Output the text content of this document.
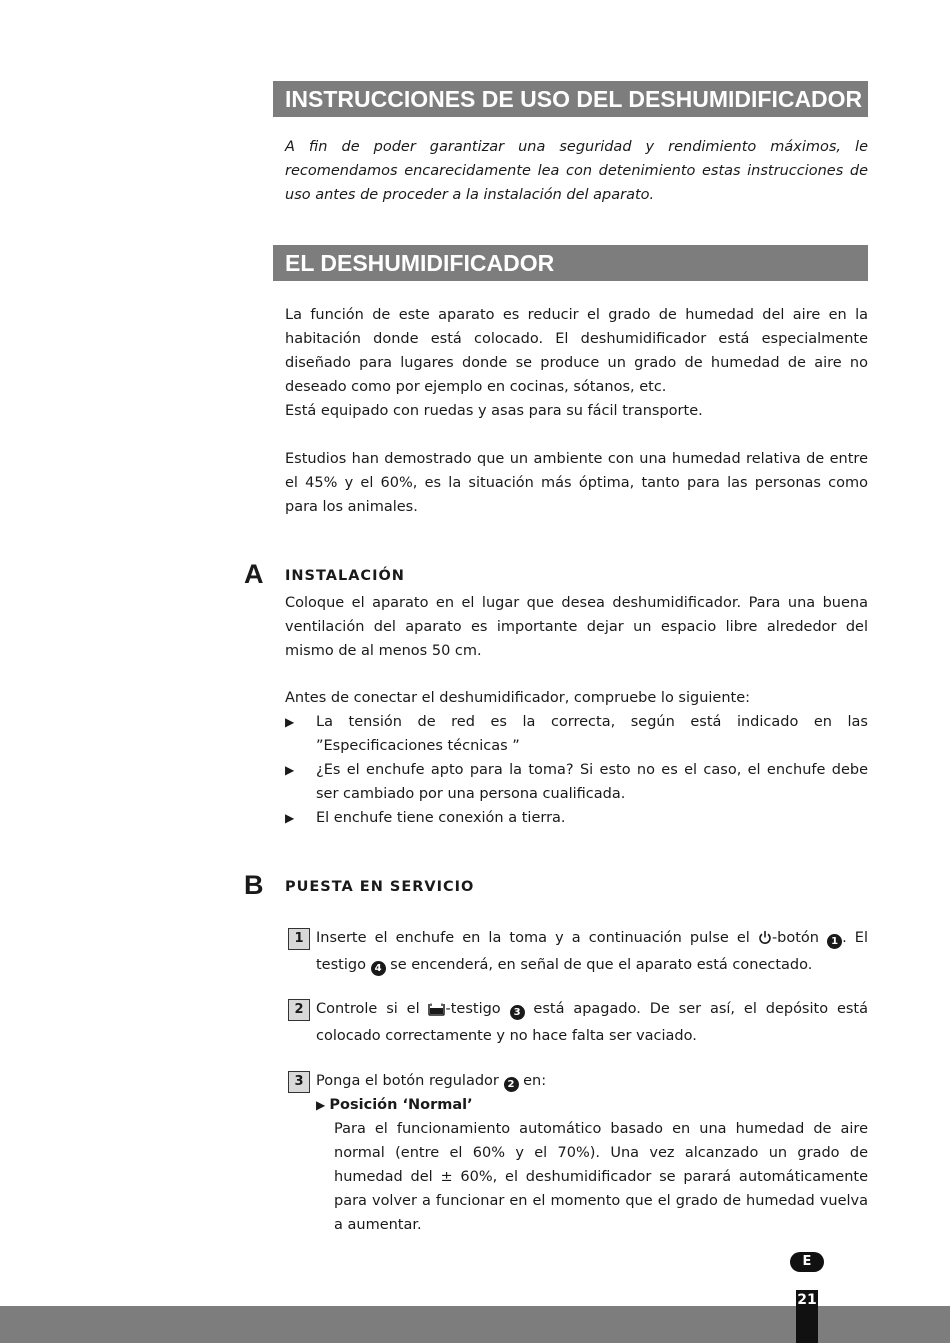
INSTRUCCIONES DE USO DEL DESHUMIDIFICADOR

A fin de poder garantizar una seguridad y rendimiento máximos, le recomendamos encarecidamente lea con detenimiento estas instrucciones de uso antes de proceder a la instalación del aparato.

EL DESHUMIDIFICADOR

La función de este aparato es reducir el grado de humedad del aire en la habitación donde está colocado. El deshumidificador está especialmente diseñado para lugares donde se produce un grado de humedad de aire no deseado como por ejemplo en cocinas, sótanos, etc.

Está equipado con ruedas y asas para su fácil transporte.

Estudios han demostrado que un ambiente con una humedad relativa de entre el 45% y el 60%, es la situación más óptima, tanto para las personas como para los animales.

A INSTALACIÓN

Coloque el aparato en el lugar que desea deshumidificador. Para una buena ventilación del aparato es importante dejar un espacio libre alrededor del mismo de al menos 50 cm.

Antes de conectar el deshumidificador, compruebe lo siguiente:

▶ La tensión de red es la correcta, según está indicado en las ”Especificaciones técnicas ”
▶ ¿Es el enchufe apto para la toma? Si esto no es el caso, el enchufe debe ser cambiado por una persona cualificada.
▶ El enchufe tiene conexión a tierra.
B PUESTA EN SERVICIO
1 Inserte el enchufe en la toma y a continuación pulse el -botón 1 . El testigo 4 se encenderá, en señal de que el aparato está conectado.
2 Controle si el -testigo 3 está apagado. De ser así, el depósito está colocado correctamente y no hace falta ser vaciado.
3 Ponga el botón regulador 2 en:
▶ Posición ‘Normal’
Para el funcionamiento automático basado en una humedad de aire normal (entre el 60% y el 70%). Una vez alcanzado un grado de humedad del ± 60%, el deshumidificador se parará automáticamente para volver a funcionar en el momento que el grado de humedad vuelva a aumentar.
E
21
